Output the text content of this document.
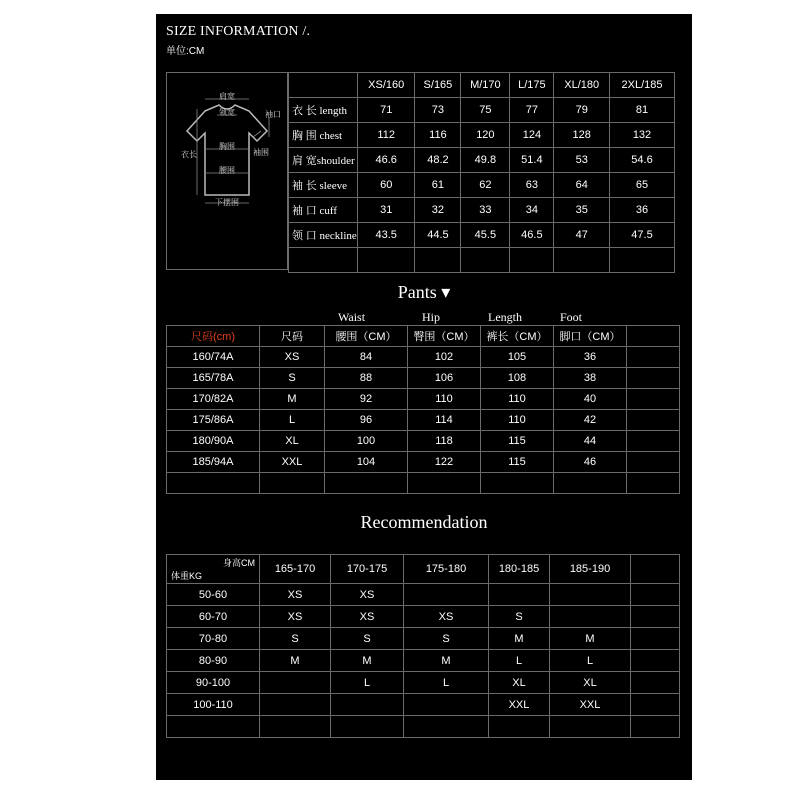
SIZE INFORMATION /.
单位:CM
肩宽
领宽	袖口
胸围
衣长	袖围
腰围
下摆围
	XS/160	S/165	M/170	L/175	XL/180	2XL/185
衣 长 length	71	73	75	77	79	81
胸 围 chest	112	116	120	124	128	132
肩 宽shoulder	46.6	48.2	49.8	51.4	53	54.6
袖 长 sleeve	60	61	62	63	64	65
袖 口 cuff	31	32	33	34	35	36
领 口 neckline	43.5	44.5	45.5	46.5	47	47.5

Pants ▾
Waist	Hip	Length	Foot
尺码(cm)	尺码	腰围（CM）	臀围（CM）	裤长（CM）	脚口（CM）	
160/74A	XS	84	102	105	36	
165/78A	S	88	106	108	38	
170/82A	M	92	110	110	40	
175/86A	L	96	114	110	42	
180/90A	XL	100	118	115	44	
185/94A	XXL	104	122	115	46	

Recommendation
身高CM
体重KG	165-170	170-175	175-180	180-185	185-190	
50-60	XS	XS				
60-70	XS	XS	XS	S		
70-80	S	S	S	M	M	
80-90	M	M	M	L	L	
90-100		L	L	XL	XL	
100-110				XXL	XXL	
